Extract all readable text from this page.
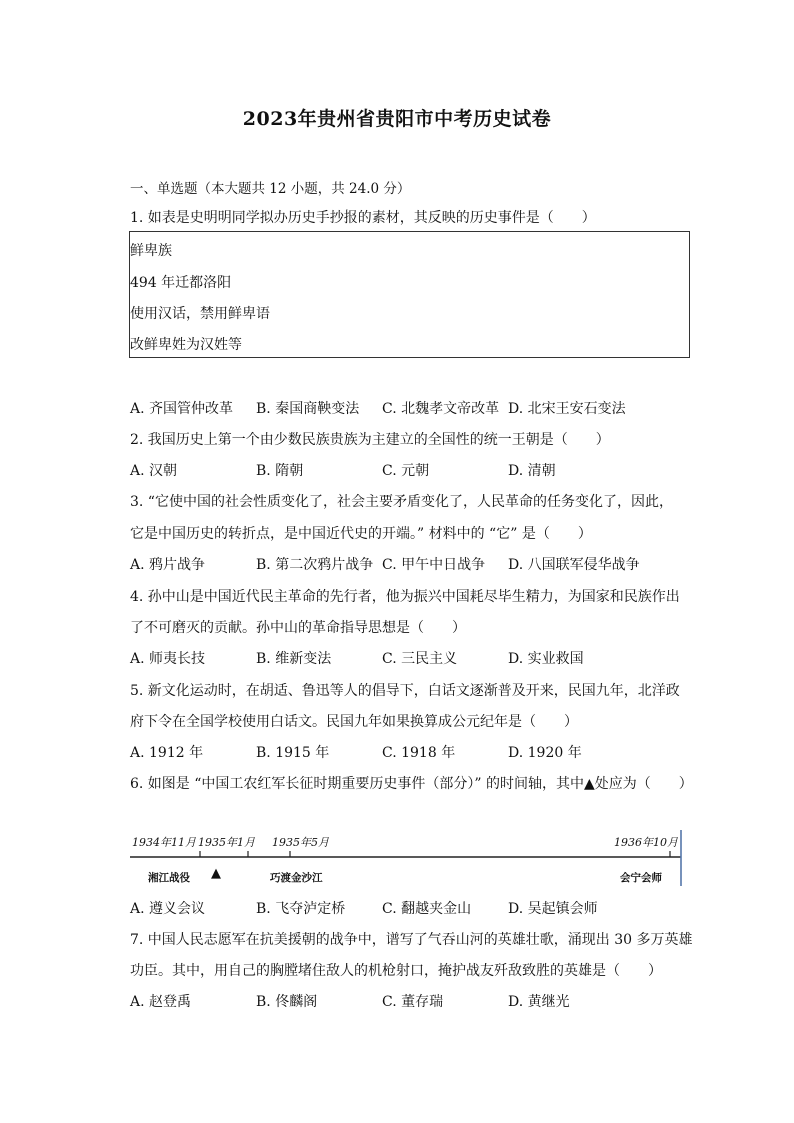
2023年贵州省贵阳市中考历史试卷
一、单选题（本大题共 12 小题，共 24.0 分）
1. 如表是史明明同学拟办历史手抄报的素材，其反映的历史事件是（　　）
鲜卑族
494 年迁都洛阳
使用汉话，禁用鲜卑语
改鲜卑姓为汉姓等
A. 齐国管仲改革 B. 秦国商鞅变法 C. 北魏孝文帝改革 D. 北宋王安石变法
2. 我国历史上第一个由少数民族贵族为主建立的全国性的统一王朝是（　　）
A. 汉朝	B. 隋朝	C. 元朝	D. 清朝
3. “它使中国的社会性质变化了，社会主要矛盾变化了，人民革命的任务变化了，因此，
它是中国历史的转折点，是中国近代史的开端。” 材料中的 “它” 是（　　）
A. 鸦片战争	B. 第二次鸦片战争 C. 甲午中日战争 D. 八国联军侵华战争
4. 孙中山是中国近代民主革命的先行者，他为振兴中国耗尽毕生精力，为国家和民族作出
了不可磨灭的贡献。孙中山的革命指导思想是（　　）
A. 师夷长技	B. 维新变法	C. 三民主义	D. 实业救国
5. 新文化运动时，在胡适、鲁迅等人的倡导下，白话文逐渐普及开来，民国九年，北洋政
府下令在全国学校使用白话文。民国九年如果换算成公元纪年是（　　）
A. 1912 年	B. 1915 年	C. 1918 年	D. 1920 年
6. 如图是 “中国工农红军长征时期重要历史事件（部分）” 的时间轴，其中▲处应为（　　）
1934年11月 1935年1月 1935年5月	1936年10月
湘江战役 ▲	巧渡金沙江	会宁会师
A. 遵义会议	B. 飞夺泸定桥	C. 翻越夹金山	D. 吴起镇会师
7. 中国人民志愿军在抗美援朝的战争中，谱写了气吞山河的英雄壮歌，涌现出 30 多万英雄
功臣。其中，用自己的胸膛堵住敌人的机枪射口，掩护战友歼敌致胜的英雄是（　　）
A. 赵登禹	B. 佟麟阁	C. 董存瑞	D. 黄继光
